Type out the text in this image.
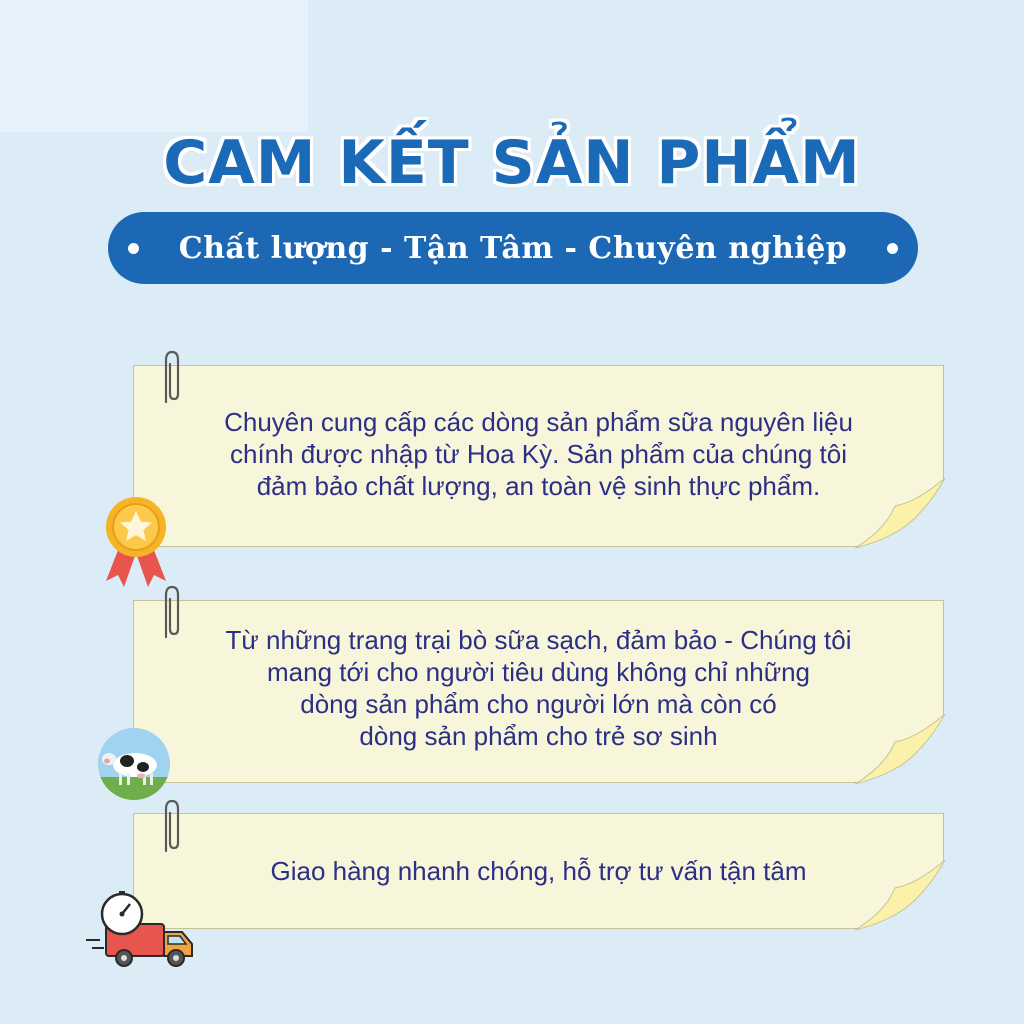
CAM KẾT SẢN PHẨM
Chất lượng - Tận Tâm - Chuyên nghiệp

Chuyên cung cấp các dòng sản phẩm sữa nguyên liệu
chính được nhập từ Hoa Kỳ. Sản phẩm của chúng tôi
đảm bảo chất lượng, an toàn vệ sinh thực phẩm.

Từ những trang trại bò sữa sạch, đảm bảo - Chúng tôi
mang tới cho người tiêu dùng không chỉ những
dòng sản phẩm cho người lớn mà còn có
dòng sản phẩm cho trẻ sơ sinh

Giao hàng nhanh chóng, hỗ trợ tư vấn tận tâm
